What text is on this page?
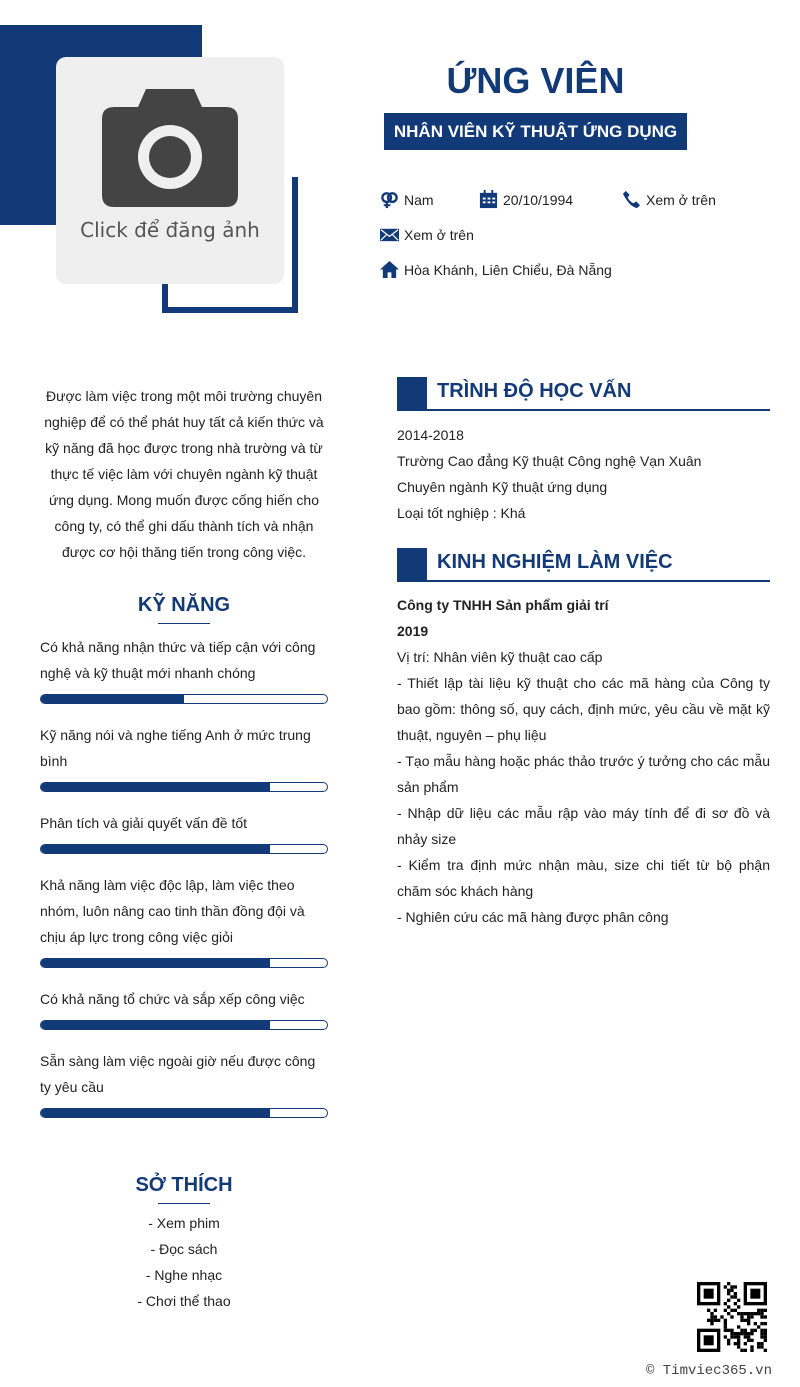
Click để đăng ảnh
ỨNG VIÊN
NHÂN VIÊN KỸ THUẬT ỨNG DỤNG
Nam	20/10/1994	Xem ở trên
Xem ở trên
Hòa Khánh, Liên Chiểu, Đà Nẵng
Được làm việc trong một môi trường chuyên nghiệp để có thể phát huy tất cả kiến thức và kỹ năng đã học được trong nhà trường và từ thực tế việc làm với chuyên ngành kỹ thuật ứng dụng. Mong muốn được cống hiến cho công ty, có thể ghi dấu thành tích và nhận được cơ hội thăng tiến trong công việc.
KỸ NĂNG
Có khả năng nhận thức và tiếp cận với công nghệ và kỹ thuật mới nhanh chóng
Kỹ năng nói và nghe tiếng Anh ở mức trung bình
Phân tích và giải quyết vấn đề tốt
Khả năng làm việc độc lập, làm việc theo nhóm, luôn nâng cao tinh thần đồng đội và chịu áp lực trong công việc giỏi
Có khả năng tổ chức và sắp xếp công việc
Sẵn sàng làm việc ngoài giờ nếu được công ty yêu cầu
SỞ THÍCH
- Xem phim
- Đọc sách
- Nghe nhạc
- Chơi thể thao
TRÌNH ĐỘ HỌC VẤN
2014-2018
Trường Cao đẳng Kỹ thuật Công nghệ Vạn Xuân
Chuyên ngành Kỹ thuật ứng dụng
Loại tốt nghiệp : Khá
KINH NGHIỆM LÀM VIỆC
Công ty TNHH Sản phẩm giải trí
2019
Vị trí: Nhân viên kỹ thuật cao cấp
- Thiết lập tài liệu kỹ thuật cho các mã hàng của Công ty bao gồm: thông số, quy cách, định mức, yêu cầu về mặt kỹ thuật, nguyên – phụ liệu
- Tạo mẫu hàng hoặc phác thảo trước ý tưởng cho các mẫu sản phẩm
- Nhập dữ liệu các mẫu rập vào máy tính để đi sơ đồ và nhảy size
- Kiểm tra định mức nhận màu, size chi tiết từ bộ phận chăm sóc khách hàng
- Nghiên cứu các mã hàng được phân công
© Timviec365.vn
